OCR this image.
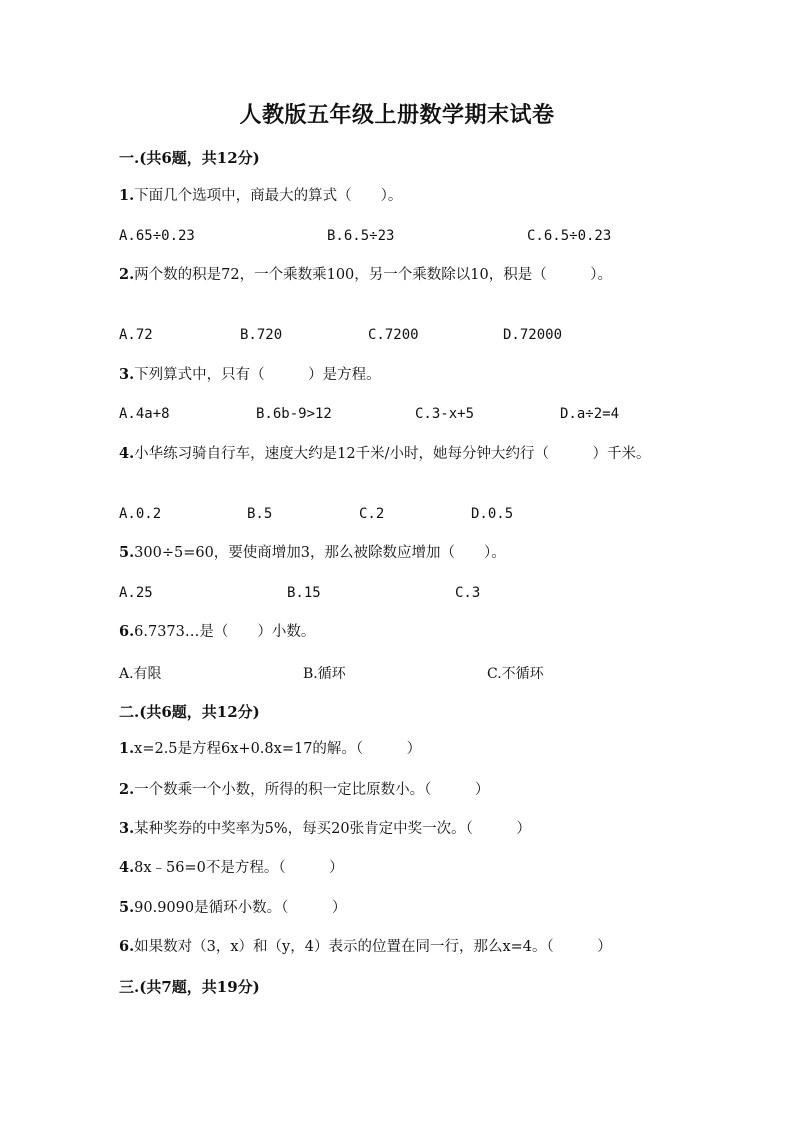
人教版五年级上册数学期末试卷
一.(共6题，共12分)
1.下面几个选项中，商最大的算式（　　）。
A.65÷0.23	B.6.5÷23	C.6.5÷0.23
2.两个数的积是72，一个乘数乘100，另一个乘数除以10，积是（　　　）。
A.72	B.720	C.7200	D.72000
3.下列算式中，只有（　　　）是方程。
A.4a+8	B.6b-9>12	C.3-x+5	D.a÷2=4
4.小华练习骑自行车，速度大约是12千米/小时，她每分钟大约行（　　　）千米。
A.0.2	B.5	C.2	D.0.5
5.300÷5=60，要使商增加3，那么被除数应增加（　　）。
A.25	B.15	C.3
6.6.7373…是（　　）小数。
A.有限	B.循环	C.不循环
二.(共6题，共12分)
1.x=2.5是方程6x+0.8x=17的解。（　　　）
2.一个数乘一个小数，所得的积一定比原数小。（　　　）
3.某种奖券的中奖率为5%，每买20张肯定中奖一次。（　　　）
4.8x﹣56=0不是方程。（　　　）
5.90.9090是循环小数。（　　　）
6.如果数对（3，x）和（y，4）表示的位置在同一行，那么x=4。（　　　）
三.(共7题，共19分)
